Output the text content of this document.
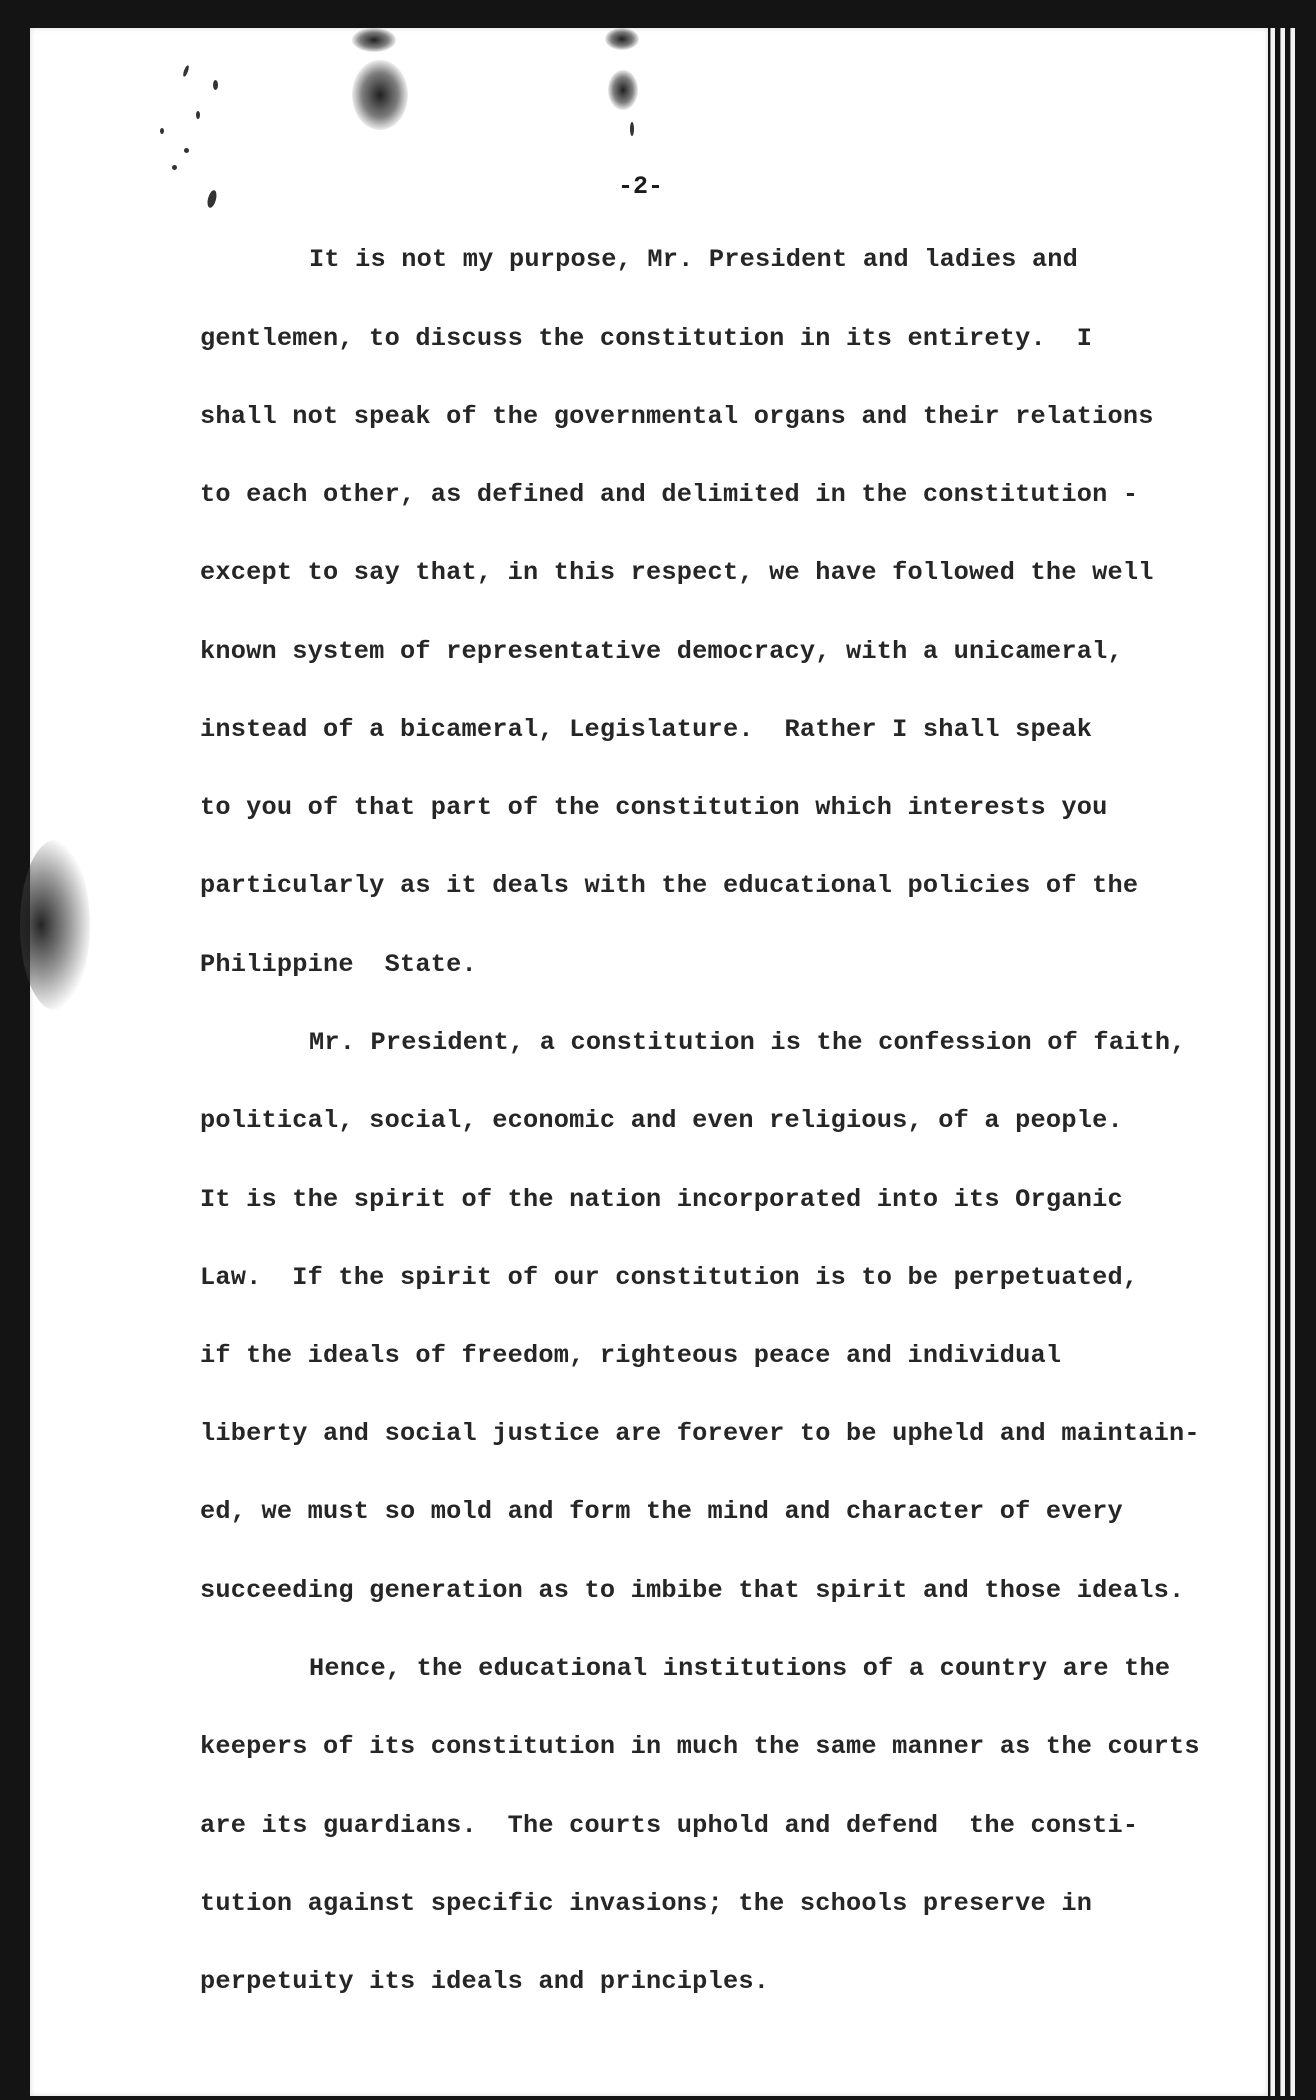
-2-
It is not my purpose, Mr. President and ladies and
gentlemen, to discuss the constitution in its entirety.  I
shall not speak of the governmental organs and their relations
to each other, as defined and delimited in the constitution -
except to say that, in this respect, we have followed the well
known system of representative democracy, with a unicameral,
instead of a bicameral, Legislature.  Rather I shall speak
to you of that part of the constitution which interests you
particularly as it deals with the educational policies of the
Philippine  State.
Mr. President, a constitution is the confession of faith,
political, social, economic and even religious, of a people.
It is the spirit of the nation incorporated into its Organic
Law.  If the spirit of our constitution is to be perpetuated,
if the ideals of freedom, righteous peace and individual
liberty and social justice are forever to be upheld and maintain-
ed, we must so mold and form the mind and character of every
succeeding generation as to imbibe that spirit and those ideals.
Hence, the educational institutions of a country are the
keepers of its constitution in much the same manner as the courts
are its guardians.  The courts uphold and defend  the consti-
tution against specific invasions; the schools preserve in
perpetuity its ideals and principles.
